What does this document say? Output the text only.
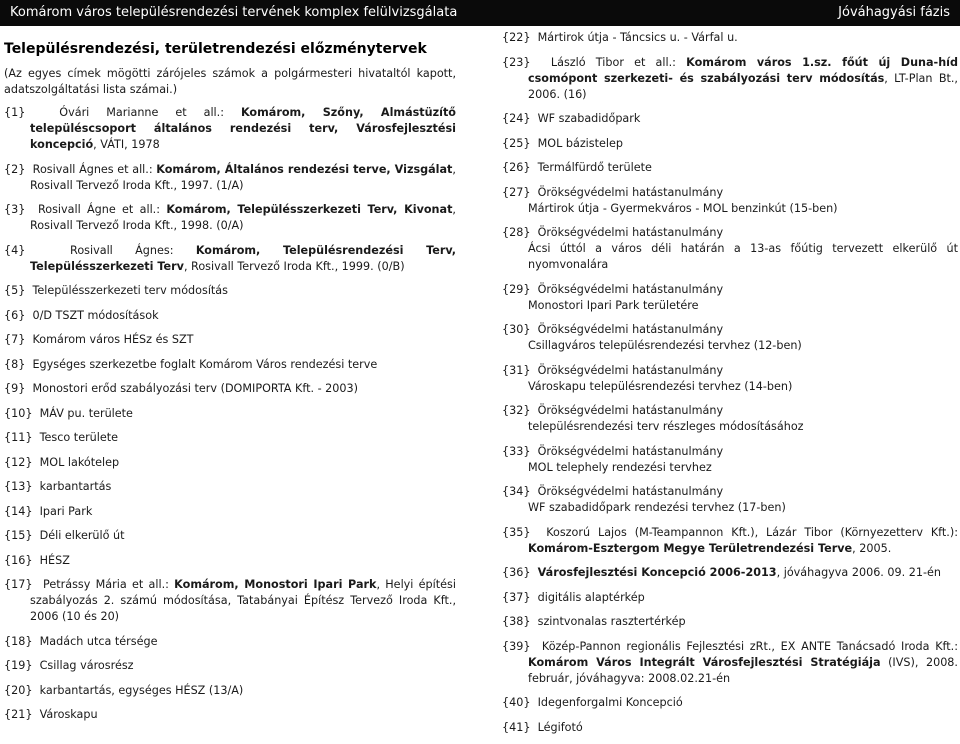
Komárom város településrendezési tervének komplex felülvizsgálata	Jóváhagyási fázis
Településrendezési, területrendezési előzménytervek
(Az egyes címek mögötti zárójeles számok a polgármesteri hivataltól kapott, adatszolgáltatási lista számai.)
{1}	Óvári Marianne et all.: Komárom, Szőny, Almástüzítő településcsoport általános rendezési terv, Városfejlesztési koncepció, VÁTI, 1978
{2} Rosivall Ágnes et all.: Komárom, Általános rendezési terve, Vizsgálat, Rosivall Tervező Iroda Kft., 1997. (1/A)
{3} Rosivall Ágne et all.: Komárom, Településszerkezeti Terv, Kivonat, Rosivall Tervező Iroda Kft., 1998. (0/A)
{4}	Rosivall Ágnes: Komárom, Településrendezési Terv, Településszerkezeti Terv, Rosivall Tervező Iroda Kft., 1999. (0/B)
{5} Településszerkezeti terv módosítás
{6} 0/D TSZT módosítások
{7} Komárom város HÉSz és SZT
{8} Egységes szerkezetbe foglalt Komárom Város rendezési terve
{9} Monostori erőd szabályozási terv (DOMIPORTA Kft. - 2003)
{10} MÁV pu. területe
{11} Tesco területe
{12} MOL lakótelep
{13} karbantartás
{14} Ipari Park
{15} Déli elkerülő út
{16} HÉSZ
{17} Petrássy Mária et all.: Komárom, Monostori Ipari Park, Helyi építési szabályozás 2. számú módosítása, Tatabányai Építész Tervező Iroda Kft., 2006 (10 és 20)
{18} Madách utca térsége
{19} Csillag városrész
{20} karbantartás, egységes HÉSZ (13/A)
{21} Városkapu
{22} Mártirok útja - Táncsics u. - Várfal u.
{23} László Tibor et all.: Komárom város 1.sz. főút új Duna-híd csomópont szerkezeti- és szabályozási terv módosítás, LT-Plan Bt., 2006. (16)
{24} WF szabadidőpark
{25} MOL bázistelep
{26} Termálfürdő területe
{27} Örökségvédelmi hatástanulmány
Mártirok útja - Gyermekváros - MOL benzinkút (15-ben)
{28} Örökségvédelmi hatástanulmány
Ácsi úttól a város déli határán a 13-as főútig tervezett elkerülő út nyomvonalára
{29} Örökségvédelmi hatástanulmány
Monostori Ipari Park területére
{30} Örökségvédelmi hatástanulmány
Csillagváros településrendezési tervhez (12-ben)
{31} Örökségvédelmi hatástanulmány
Városkapu településrendezési tervhez (14-ben)
{32} Örökségvédelmi hatástanulmány
településrendezési terv részleges módosításához
{33} Örökségvédelmi hatástanulmány
MOL telephely rendezési tervhez
{34} Örökségvédelmi hatástanulmány
WF szabadidőpark rendezési tervhez (17-ben)
{35} Koszorú Lajos (M-Teampannon Kft.), Lázár Tibor (Környezetterv Kft.): Komárom-Esztergom Megye Területrendezési Terve, 2005.
{36} Városfejlesztési Koncepció 2006-2013, jóváhagyva 2006. 09. 21-én
{37} digitális alaptérkép
{38} szintvonalas rasztertérkép
{39} Közép-Pannon regionális Fejlesztési zRt., EX ANTE Tanácsadó Iroda Kft.: Komárom Város Integrált Városfejlesztési Stratégiája (IVS), 2008. február, jóváhagyva: 2008.02.21-én
{40} Idegenforgalmi Koncepció
{41} Légifotó
